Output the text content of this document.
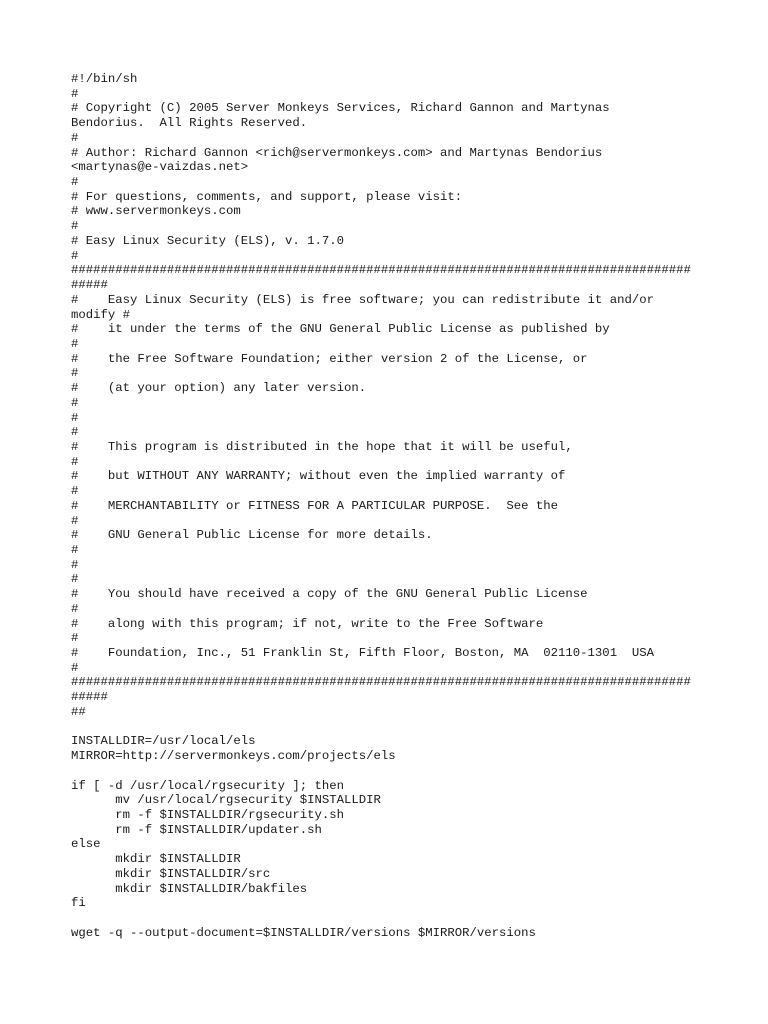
#!/bin/sh
#
# Copyright (C) 2005 Server Monkeys Services, Richard Gannon and Martynas
Bendorius.  All Rights Reserved.
#
# Author: Richard Gannon <rich@servermonkeys.com> and Martynas Bendorius
<martynas@e-vaizdas.net>
#
# For questions, comments, and support, please visit:
# www.servermonkeys.com
#
# Easy Linux Security (ELS), v. 1.7.0
#
####################################################################################
#####
#    Easy Linux Security (ELS) is free software; you can redistribute it and/or
modify #
#    it under the terms of the GNU General Public License as published by
#
#    the Free Software Foundation; either version 2 of the License, or
#
#    (at your option) any later version.
#
#
#
#    This program is distributed in the hope that it will be useful,
#
#    but WITHOUT ANY WARRANTY; without even the implied warranty of
#
#    MERCHANTABILITY or FITNESS FOR A PARTICULAR PURPOSE.  See the
#
#    GNU General Public License for more details.
#
#
#
#    You should have received a copy of the GNU General Public License
#
#    along with this program; if not, write to the Free Software
#
#    Foundation, Inc., 51 Franklin St, Fifth Floor, Boston, MA  02110-1301  USA
#
####################################################################################
#####
##
INSTALLDIR=/usr/local/els
MIRROR=http://servermonkeys.com/projects/els
if [ -d /usr/local/rgsecurity ]; then
mv /usr/local/rgsecurity $INSTALLDIR
rm -f $INSTALLDIR/rgsecurity.sh
rm -f $INSTALLDIR/updater.sh
else
mkdir $INSTALLDIR
mkdir $INSTALLDIR/src
mkdir $INSTALLDIR/bakfiles
fi
wget -q --output-document=$INSTALLDIR/versions $MIRROR/versions
